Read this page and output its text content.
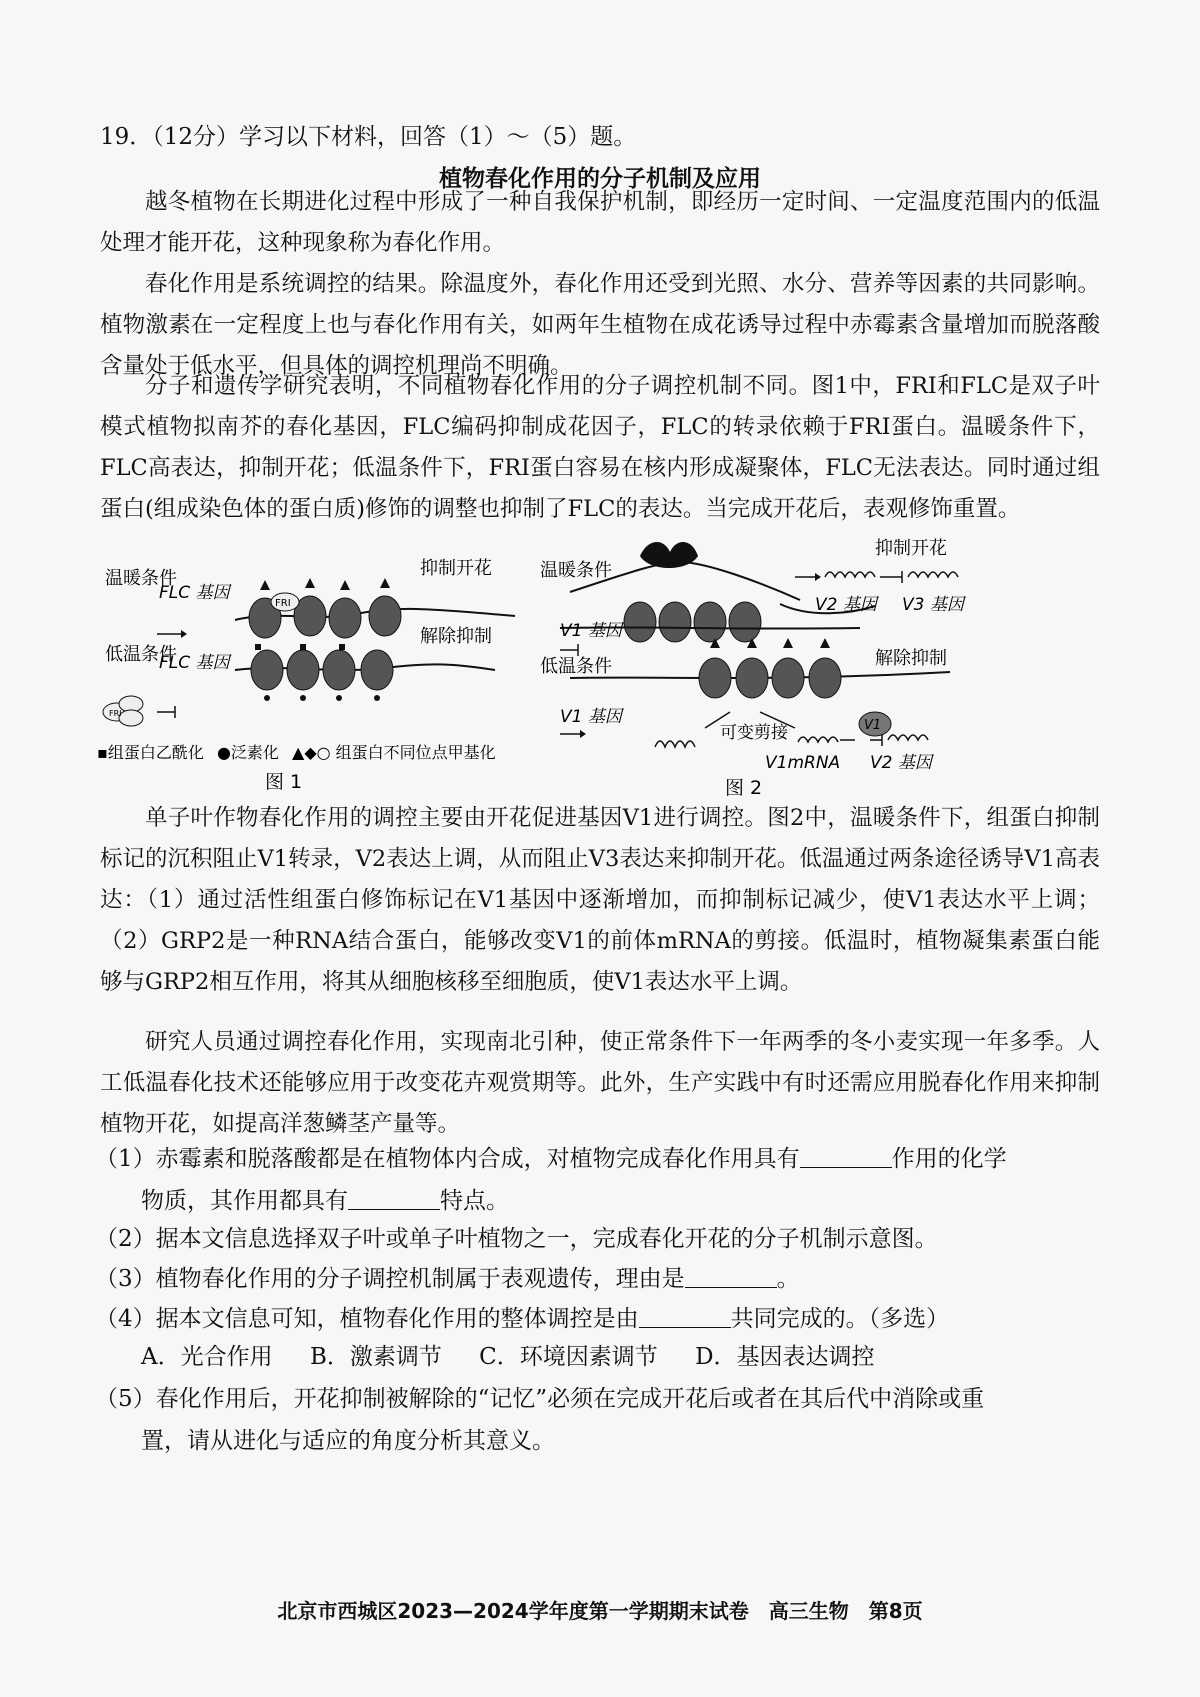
19．（12分）学习以下材料，回答（1）～（5）题。
植物春化作用的分子机制及应用

越冬植物在长期进化过程中形成了一种自我保护机制，即经历一定时间、一定温度范围内的低温处理才能开花，这种现象称为春化作用。

春化作用是系统调控的结果。除温度外，春化作用还受到光照、水分、营养等因素的共同影响。植物激素在一定程度上也与春化作用有关，如两年生植物在成花诱导过程中赤霉素含量增加而脱落酸含量处于低水平，但具体的调控机理尚不明确。

分子和遗传学研究表明，不同植物春化作用的分子调控机制不同。图1中，FRI和FLC是双子叶模式植物拟南芥的春化基因，FLC编码抑制成花因子，FLC的转录依赖于FRI蛋白。温暖条件下，FLC高表达，抑制开花；低温条件下，FRI蛋白容易在核内形成凝聚体，FLC无法表达。同时通过组蛋白(组成染色体的蛋白质)修饰的调整也抑制了FLC的表达。当完成开花后，表观修饰重置。

温暖条件
FLC 基因
FRI
抑制开花
解除抑制
低温条件
FLC 基因
FRI
▪组蛋白乙酰化 ●泛素化 ▲◆○ 组蛋白不同位点甲基化
图 1
温暖条件
抑制开花
V2 基因 V3 基因
V1 基因
低温条件	解除抑制
V1 基因
可变剪接	V1
V1mRNA V2 基因
图 2

单子叶作物春化作用的调控主要由开花促进基因V1进行调控。图2中，温暖条件下，组蛋白抑制标记的沉积阻止V1转录，V2表达上调，从而阻止V3表达来抑制开花。低温通过两条途径诱导V1高表达：（1）通过活性组蛋白修饰标记在V1基因中逐渐增加，而抑制标记减少，使V1表达水平上调；（2）GRP2是一种RNA结合蛋白，能够改变V1的前体mRNA的剪接。低温时，植物凝集素蛋白能够与GRP2相互作用，将其从细胞核移至细胞质，使V1表达水平上调。

研究人员通过调控春化作用，实现南北引种，使正常条件下一年两季的冬小麦实现一年多季。人工低温春化技术还能够应用于改变花卉观赏期等。此外，生产实践中有时还需应用脱春化作用来抑制植物开花，如提高洋葱鳞茎产量等。

（1）赤霉素和脱落酸都是在植物体内合成，对植物完成春化作用具有	作用的化学
物质，其作用都具有	特点。
（2）据本文信息选择双子叶或单子叶植物之一，完成春化开花的分子机制示意图。
（3）植物春化作用的分子调控机制属于表观遗传，理由是	。
（4）据本文信息可知，植物春化作用的整体调控是由	共同完成的。（多选）
A．光合作用 B．激素调节 C．环境因素调节 D．基因表达调控
（5）春化作用后，开花抑制被解除的“记忆”必须在完成开花后或者在其后代中消除或重
置，请从进化与适应的角度分析其意义。
北京市西城区2023—2024学年度第一学期期末试卷　高三生物　第8页
